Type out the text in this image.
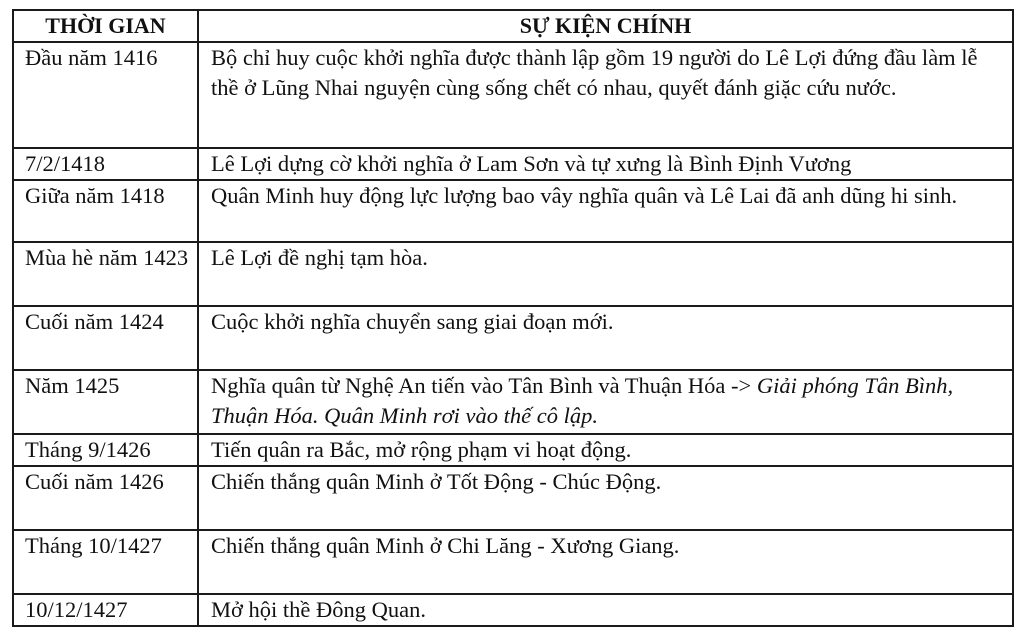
THỜI GIAN	SỰ KIỆN CHÍNH
Đầu năm 1416	Bộ chỉ huy cuộc khởi nghĩa được thành lập gồm 19 người do Lê Lợi đứng đầu làm lễ thề ở Lũng Nhai nguyện cùng sống chết có nhau, quyết đánh giặc cứu nước.
7/2/1418	Lê Lợi dựng cờ khởi nghĩa ở Lam Sơn và tự xưng là Bình Định Vương
Giữa năm 1418	Quân Minh huy động lực lượng bao vây nghĩa quân và Lê Lai đã anh dũng hi sinh.
Mùa hè năm 1423	Lê Lợi đề nghị tạm hòa.
Cuối năm 1424	Cuộc khởi nghĩa chuyển sang giai đoạn mới.
Năm 1425	Nghĩa quân từ Nghệ An tiến vào Tân Bình và Thuận Hóa -> Giải phóng Tân Bình, Thuận Hóa. Quân Minh rơi vào thế cô lập.
Tháng 9/1426	Tiến quân ra Bắc, mở rộng phạm vi hoạt động.
Cuối năm 1426	Chiến thắng quân Minh ở Tốt Động - Chúc Động.
Tháng 10/1427	Chiến thắng quân Minh ở Chi Lăng - Xương Giang.
10/12/1427	Mở hội thề Đông Quan.
